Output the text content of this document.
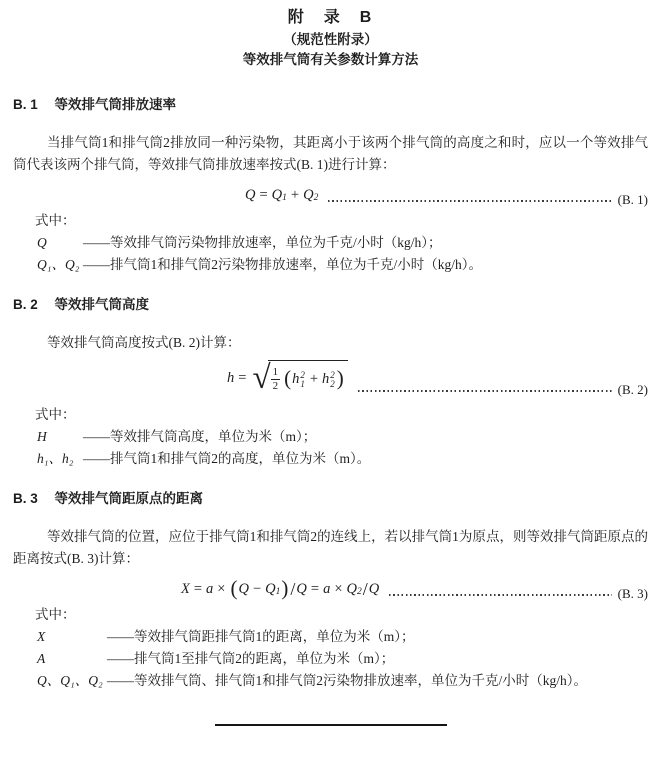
附　录　B
（规范性附录）
等效排气筒有关参数计算方法
B. 1 等效排气筒排放速率

当排气筒1和排气筒2排放同一种污染物，其距离小于该两个排气筒的高度之和时，应以一个等效排气筒代表该两个排气筒，等效排气筒排放速率按式(B. 1)进行计算：

$Q = Q_1 + Q_2$	(B. 1)
式中：
Q	——等效排气筒污染物排放速率，单位为千克/小时（kg/h）；
Q₁、Q₂ ——排气筒1和排气筒2污染物排放速率，单位为千克/小时（kg/h）。
B. 2 等效排气筒高度

等效排气筒高度按式(B. 2)计算：

h = √ $\frac{1}{2}$ ( h 2
1 + h 2
2 )	(B. 2)
式中：
H	——等效排气筒高度，单位为米（m）；
h₁、h₂ ——排气筒1和排气筒2的高度，单位为米（m）。
B. 3 等效排气筒距原点的距离

等效排气筒的位置，应位于排气筒1和排气筒2的连线上，若以排气筒1为原点，则等效排气筒距原点的距离按式(B. 3)计算：

X = a × ( $Q - Q_1$ ) / $Q = a \times Q_2 / Q$	(B. 3)
式中：
X	——等效排气筒距排气筒1的距离，单位为米（m）；
A	——排气筒1至排气筒2的距离，单位为米（m）；
Q、Q₁、Q₂ ——等效排气筒、排气筒1和排气筒2污染物排放速率，单位为千克/小时（kg/h）。
